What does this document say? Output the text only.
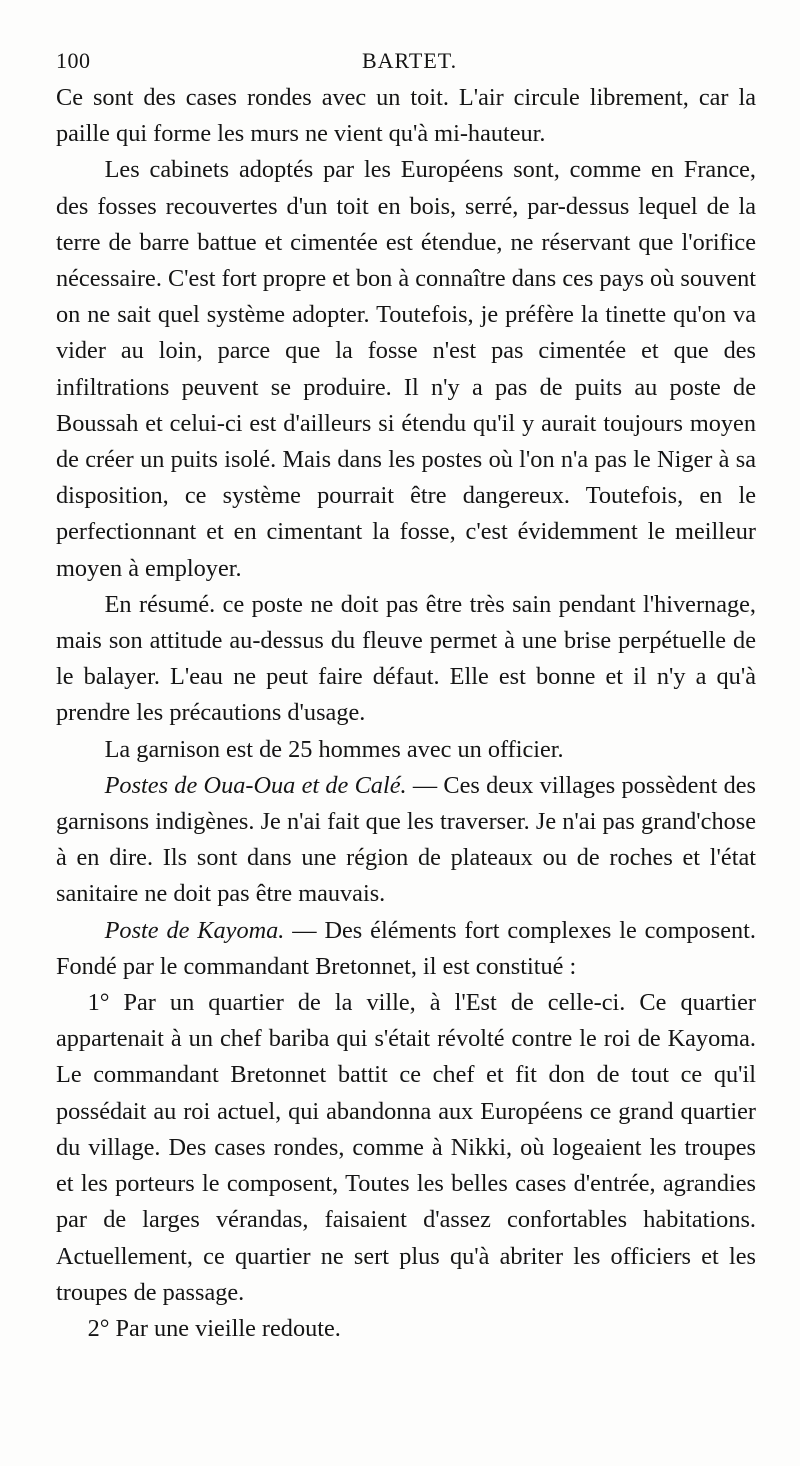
100	BARTET.

Ce sont des cases rondes avec un toit. L'air circule librement, car la paille qui forme les murs ne vient qu'à mi-hauteur.

Les cabinets adoptés par les Européens sont, comme en France, des fosses recouvertes d'un toit en bois, serré, par-dessus lequel de la terre de barre battue et cimentée est étendue, ne réservant que l'orifice nécessaire. C'est fort propre et bon à connaître dans ces pays où souvent on ne sait quel système adopter. Toutefois, je préfère la tinette qu'on va vider au loin, parce que la fosse n'est pas cimentée et que des infiltrations peuvent se produire. Il n'y a pas de puits au poste de Boussah et celui-ci est d'ailleurs si étendu qu'il y aurait toujours moyen de créer un puits isolé. Mais dans les postes où l'on n'a pas le Niger à sa disposition, ce système pourrait être dangereux. Toutefois, en le perfectionnant et en cimentant la fosse, c'est évidemment le meilleur moyen à employer.

En résumé. ce poste ne doit pas être très sain pendant l'hivernage, mais son attitude au-dessus du fleuve permet à une brise perpétuelle de le balayer. L'eau ne peut faire défaut. Elle est bonne et il n'y a qu'à prendre les précautions d'usage.

La garnison est de 25 hommes avec un officier.

Postes de Oua-Oua et de Calé. — Ces deux villages possèdent des garnisons indigènes. Je n'ai fait que les traverser. Je n'ai pas grand'chose à en dire. Ils sont dans une région de plateaux ou de roches et l'état sanitaire ne doit pas être mauvais.

Poste de Kayoma. — Des éléments fort complexes le composent. Fondé par le commandant Bretonnet, il est constitué :

1° Par un quartier de la ville, à l'Est de celle-ci. Ce quartier appartenait à un chef bariba qui s'était révolté contre le roi de Kayoma. Le commandant Bretonnet battit ce chef et fit don de tout ce qu'il possédait au roi actuel, qui abandonna aux Européens ce grand quartier du village. Des cases rondes, comme à Nikki, où logeaient les troupes et les porteurs le composent, Toutes les belles cases d'entrée, agrandies par de larges vérandas, faisaient d'assez confortables habitations. Actuellement, ce quartier ne sert plus qu'à abriter les officiers et les troupes de passage.

2° Par une vieille redoute.
